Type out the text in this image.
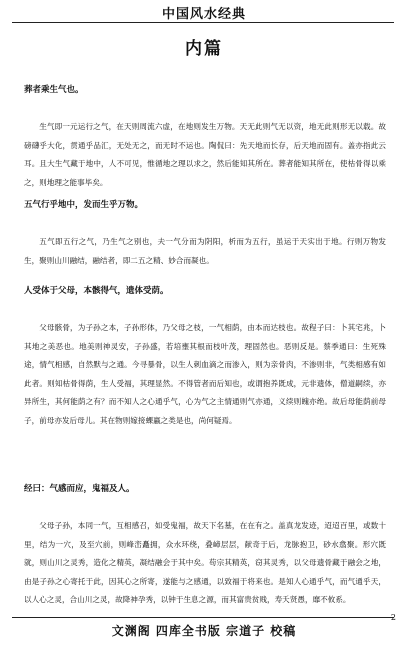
中国风水经典
内篇
葬者乘生气也。

生气即一元运行之气，在天则周流六虚，在地则发生万物。天无此则气无以资，地无此则形无以载。故磅礴乎大化，贯通乎品汇，无处无之，而无时不运也。陶侃曰：先天地而长存，后天地而固有。盖亦指此云耳。且大生气藏于地中，人不可见，惟循地之理以求之，然后能知其所在。葬者能知其所在，使枯骨得以乘之，则地理之能事毕矣。

五气行乎地中，发而生乎万物。

五气即五行之气，乃生气之别也，夫一气分而为阴阳，析而为五行，虽运于天实出于地。行则万物发生，聚则山川融结，融结者，即二五之精、妙合而凝也。

人受体于父母，本骸得气，遗体受荫。

父母骸骨，为子孙之本，子孙形体，乃父母之枝，一气相荫，由本而达枝也。故程子曰：卜其宅兆，卜其地之美恶也。地美则神灵安，子孙盛，若培壅其根而枝叶茂，理固然也。恶则反是。蔡季通曰：生死殊途，情气相感，自然默与之通。今寻暴骨，以生人刺血滴之而渗入，则为亲骨肉，不渗则非，气类相感有如此者。则知枯骨得荫，生人受福，其理显然。不得管者而后知也，或谓抱养既成，元非遗体，僧道嗣续，亦异所生，其何能荫之有？而不知人之心通乎气，心为气之主情通则气亦通，义续则魄亦绝。故后母能荫前母子，前母亦发后母儿。其在物则嫁接蜾蠃之类是也，尚何疑焉。

经曰：气感而应，鬼福及人。

父母子孙，本同一气，互相感召，如受鬼福，故天下名墓，在在有之。盖真龙发迹，迢迢百里，或数十里，结为一穴，及至穴前，则峰峦矗拥，众水环绕，叠嶂层层，献奇于后，龙脉抱卫，砂水翕聚。形穴既就，则山川之灵秀，造化之精英，凝结融会于其中矣。苟宗其精英，窃其灵秀，以父母遗骨藏于融会之地，由是子孙之心寄托于此，因其心之所寄，遂能与之感通，以致福于将来也。是知人心通乎气，而气通乎天，以人心之灵，合山川之灵，故降神孕秀，以钟于生息之源，而其富贵贫贱，寿夭贤愚，靡不攸系。

2
文渊阁 四库全书版 宗道子 校稿
